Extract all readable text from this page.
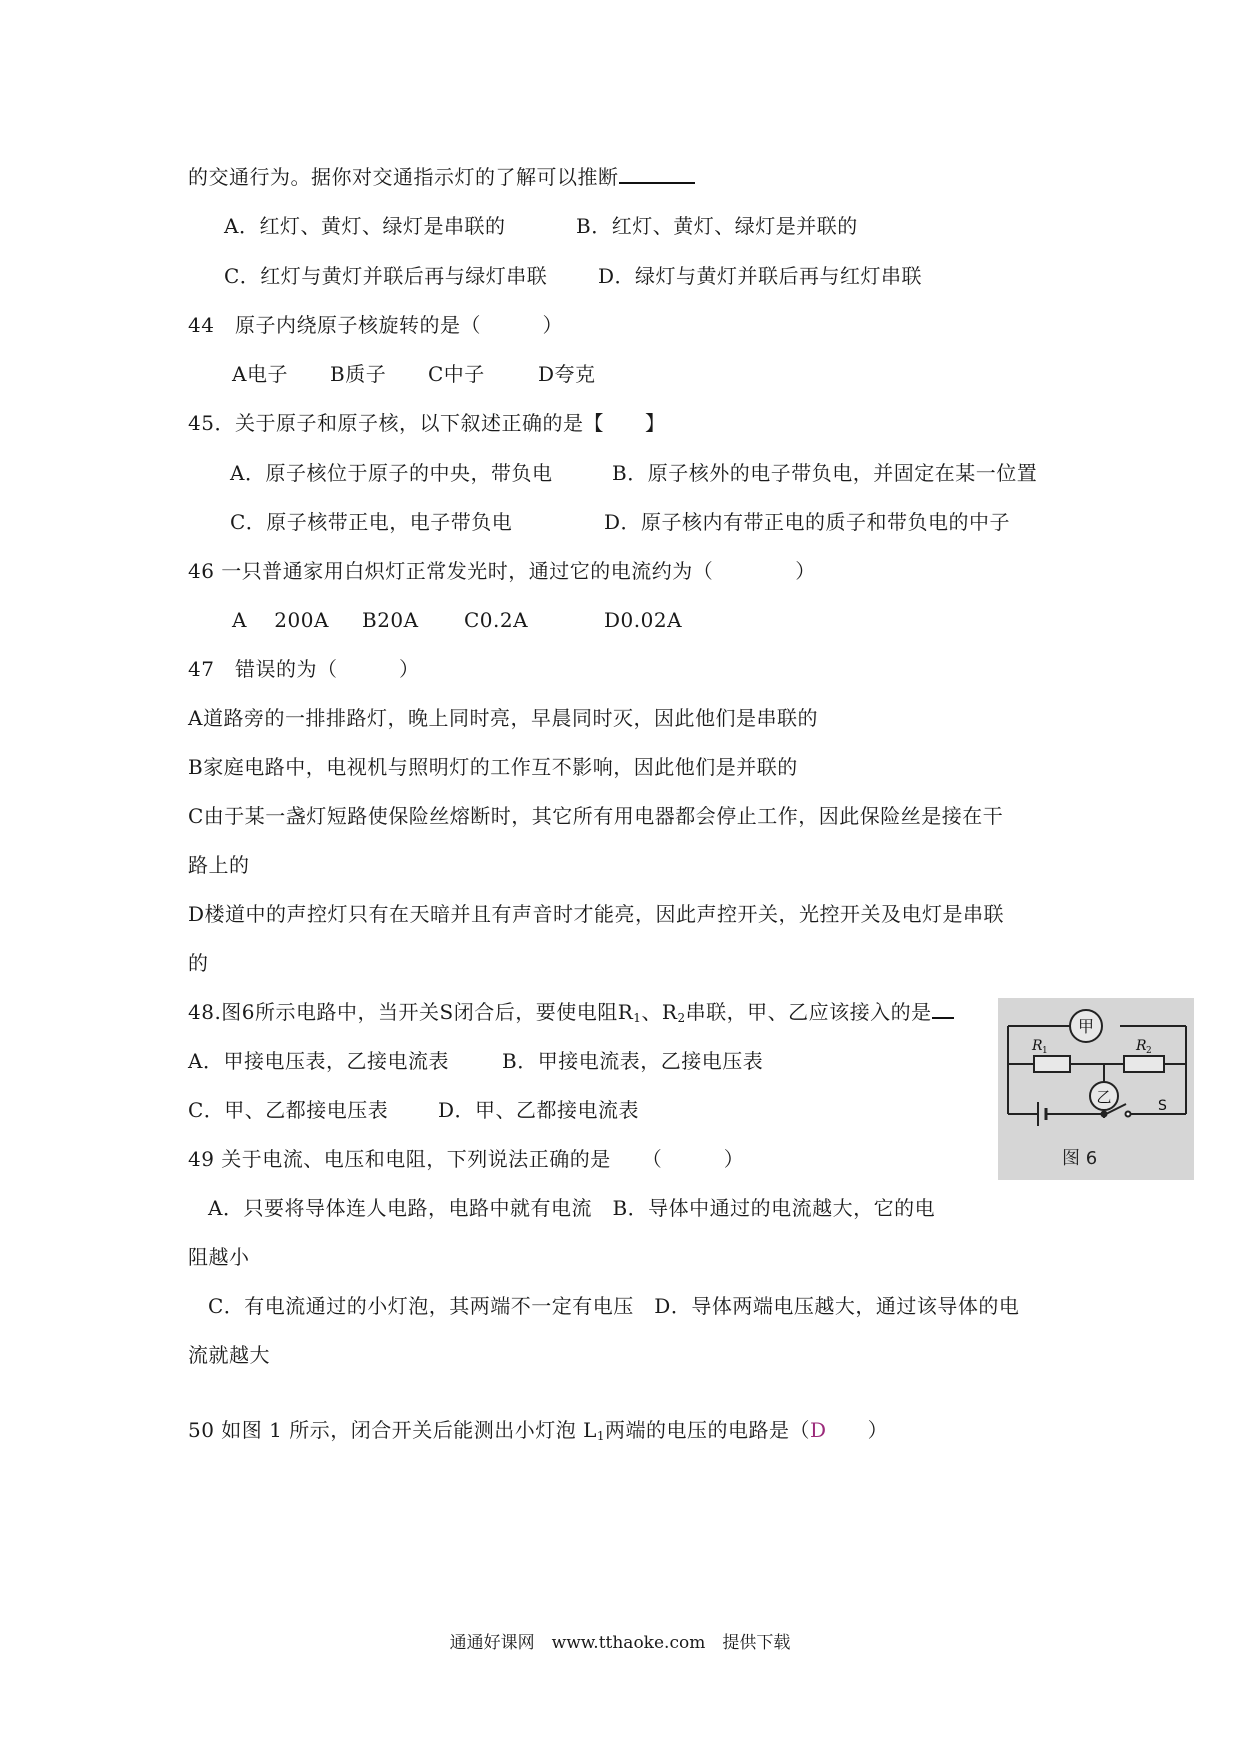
的交通行为。据你对交通指示灯的了解可以推断
A．红灯、黄灯、绿灯是串联的	B．红灯、黄灯、绿灯是并联的
C．红灯与黄灯并联后再与绿灯串联	D．绿灯与黄灯并联后再与红灯串联
44　原子内绕原子核旋转的是（　　　）
A电子 B质子 C中子	D夸克
45．关于原子和原子核，以下叙述正确的是【　　】
A．原子核位于原子的中央，带负电	B．原子核外的电子带负电，并固定在某一位置
C．原子核带正电，电子带负电	D．原子核内有带正电的质子和带负电的中子
46 一只普通家用白炽灯正常发光时，通过它的电流约为（　　　　）
A　 200A B20A C0.2A	D0.02A
47　错误的为（　　　）
A道路旁的一排排路灯，晚上同时亮，早晨同时灭，因此他们是串联的
B家庭电路中，电视机与照明灯的工作互不影响，因此他们是并联的
C由于某一盏灯短路使保险丝熔断时，其它所有用电器都会停止工作，因此保险丝是接在干
路上的
D楼道中的声控灯只有在天暗并且有声音时才能亮，因此声控开关，光控开关及电灯是串联
的
48.图6所示电路中，当开关S闭合后，要使电阻$R_1$、$R_2$串联，甲、乙应该接入的是
A．甲接电压表，乙接电流表	B．甲接电流表，乙接电压表
C．甲、乙都接电压表 D．甲、乙都接电流表
甲
乙
R 1	R 2
S
图 6
49 关于电流、电压和电阻，下列说法正确的是　　（　　　）
A．只要将导体连人电路，电路中就有电流　B．导体中通过的电流越大，它的电
阻越小
C．有电流通过的小灯泡，其两端不一定有电压　D．导体两端电压越大，通过该导体的电
流就越大
50 如图 1 所示，闭合开关后能测出小灯泡 $L_1$两端的电压的电路是（D　　）
通通好课网　www.tthaoke.com　提供下载
